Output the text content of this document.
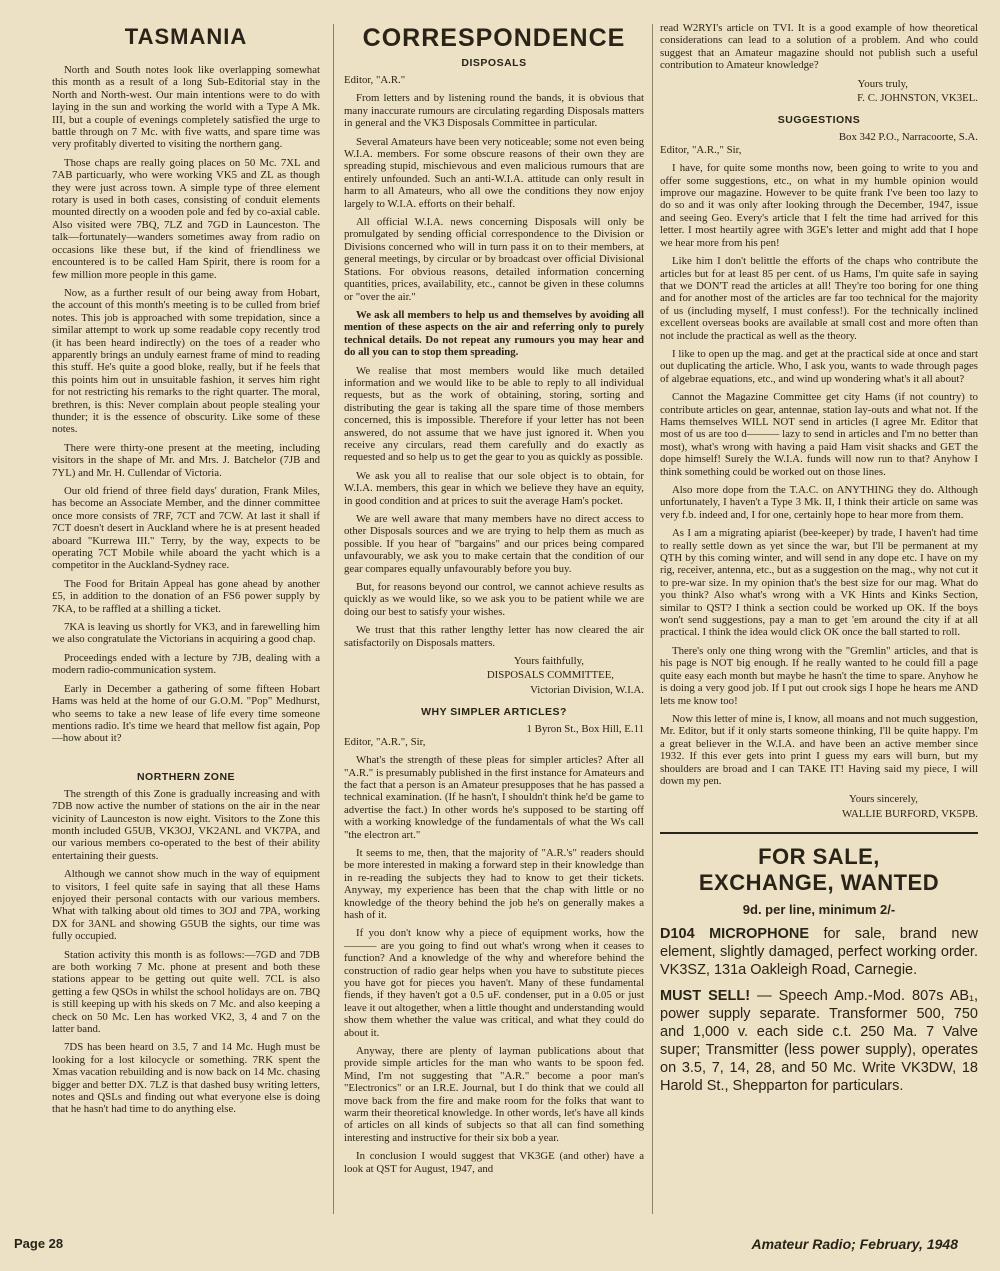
TASMANIA

North and South notes look like overlapping somewhat this month as a result of a long Sub-Editorial stay in the North and North-west. Our main intentions were to do with laying in the sun and working the world with a Type A Mk. III, but a couple of evenings completely satisfied the urge to battle through on 7 Mc. with five watts, and spare time was very profitably diverted to visiting the northern gang.

Those chaps are really going places on 50 Mc. 7XL and 7AB particuarly, who were working VK5 and ZL as though they were just across town. A simple type of three element rotary is used in both cases, consisting of conduit elements mounted directly on a wooden pole and fed by co-axial cable. Also visited were 7BQ, 7LZ and 7GD in Launceston. The talk—fortunately—wanders sometimes away from radio on occasions like these but, if the kind of friendliness we encountered is to be called Ham Spirit, there is room for a few million more people in this game.

Now, as a further result of our being away from Hobart, the account of this month's meeting is to be culled from brief notes. This job is approached with some trepidation, since a similar attempt to work up some readable copy recently trod (it has been heard indirectly) on the toes of a reader who apparently brings an unduly earnest frame of mind to reading this stuff. He's quite a good bloke, really, but if he feels that this points him out in unsuitable fashion, it serves him right for not restricting his remarks to the right quarter. The moral, brethren, is this: Never complain about people stealing your thunder; it is the essence of obscurity. Like some of these notes.

There were thirty-one present at the meeting, including visitors in the shape of Mr. and Mrs. J. Batchelor (7JB and 7YL) and Mr. H. Cullendar of Victoria.

Our old friend of three field days' duration, Frank Miles, has become an Associate Member, and the dinner committee once more consists of 7RF, 7CT and 7CW. At last it shall if 7CT doesn't desert in Auckland where he is at present headed aboard "Kurrewa III." Terry, by the way, expects to be operating 7CT Mobile while aboard the yacht which is a competitor in the Auckland-Sydney race.

The Food for Britain Appeal has gone ahead by another £5, in addition to the donation of an FS6 power supply by 7KA, to be raffled at a shilling a ticket.

7KA is leaving us shortly for VK3, and in farewelling him we also congratulate the Victorians in acquiring a good chap.

Proceedings ended with a lecture by 7JB, dealing with a modern radio-communication system.

Early in December a gathering of some fifteen Hobart Hams was held at the home of our G.O.M. "Pop" Medhurst, who seems to take a new lease of life every time someone mentions radio. It's time we heard that mellow fist again, Pop—how about it?

NORTHERN ZONE

The strength of this Zone is gradually increasing and with 7DB now active the number of stations on the air in the near vicinity of Launceston is now eight. Visitors to the Zone this month included G5UB, VK3OJ, VK2ANL and VK7PA, and our various members co-operated to the best of their ability entertaining their guests.

Although we cannot show much in the way of equipment to visitors, I feel quite safe in saying that all these Hams enjoyed their personal contacts with our various members. What with talking about old times to 3OJ and 7PA, working DX for 3ANL and showing G5UB the sights, our time was fully occupied.

Station activity this month is as follows:—7GD and 7DB are both working 7 Mc. phone at present and both these stations appear to be getting out quite well. 7CL is also getting a few QSOs in whilst the school holidays are on. 7BQ is still keeping up with his skeds on 7 Mc. and also keeping a check on 50 Mc. Len has worked VK2, 3, 4 and 7 on the latter band.

7DS has been heard on 3.5, 7 and 14 Mc. Hugh must be looking for a lost kilocycle or something. 7RK spent the Xmas vacation rebuilding and is now back on 14 Mc. chasing bigger and better DX. 7LZ is that dashed busy writing letters, notes and QSLs and finding out what everyone else is doing that he hasn't had time to do anything else.

CORRESPONDENCE
DISPOSALS

Editor, "A.R."

From letters and by listening round the bands, it is obvious that many inaccurate rumours are circulating regarding Disposals matters in general and the VK3 Disposals Committee in particular.

Several Amateurs have been very noticeable; some not even being W.I.A. members. For some obscure reasons of their own they are spreading stupid, mischievous and even malicious rumours that are entirely unfounded. Such an anti-W.I.A. attitude can only result in harm to all Amateurs, who all owe the conditions they now enjoy largely to W.I.A. efforts on their behalf.

All official W.I.A. news concerning Disposals will only be promulgated by sending official correspondence to the Division or Divisions concerned who will in turn pass it on to their members, at general meetings, by circular or by broadcast over official Divisional Stations. For obvious reasons, detailed information concerning quantities, prices, availability, etc., cannot be given in these columns or "over the air."

We ask all members to help us and themselves by avoiding all mention of these aspects on the air and referring only to purely technical details. Do not repeat any rumours you may hear and do all you can to stop them spreading.

We realise that most members would like much detailed information and we would like to be able to reply to all individual requests, but as the work of obtaining, storing, sorting and distributing the gear is taking all the spare time of those members concerned, this is impossible. Therefore if your letter has not been answered, do not assume that we have just ignored it. When you receive any circulars, read them carefully and do exactly as requested and so help us to get the gear to you as quickly as possible.

We ask you all to realise that our sole object is to obtain, for W.I.A. members, this gear in which we believe they have an equity, in good condition and at prices to suit the average Ham's pocket.

We are well aware that many members have no direct access to other Disposals sources and we are trying to help them as much as possible. If you hear of "bargains" and our prices being compared unfavourably, we ask you to make certain that the condition of our gear compares equally unfavourably before you buy.

But, for reasons beyond our control, we cannot achieve results as quickly as we would like, so we ask you to be patient while we are doing our best to satisfy your wishes.

We trust that this rather lengthy letter has now cleared the air satisfactorily on Disposals matters.

Yours faithfully,
DISPOSALS COMMITTEE,
Victorian Division, W.I.A.
WHY SIMPLER ARTICLES?
1 Byron St., Box Hill, E.11

Editor, "A.R.", Sir,

What's the strength of these pleas for simpler articles? After all "A.R." is presumably published in the first instance for Amateurs and the fact that a person is an Amateur presupposes that he has passed a technical examination. (If he hasn't, I shouldn't think he'd be game to advertise the fact.) In other words he's supposed to be starting off with a working knowledge of the fundamentals of what the Ws call "the electron art."

It seems to me, then, that the majority of "A.R.'s" readers should be more interested in making a forward step in their knowledge than in re-reading the subjects they had to know to get their tickets. Anyway, my experience has been that the chap with little or no knowledge of the theory behind the job he's on generally makes a hash of it.

If you don't know why a piece of equipment works, how the ——— are you going to find out what's wrong when it ceases to function? And a knowledge of the why and wherefore behind the construction of radio gear helps when you have to substitute pieces you have got for pieces you haven't. Many of these fundamental fiends, if they haven't got a 0.5 uF. condenser, put in a 0.05 or just leave it out altogether, when a little thought and understanding would show them whether the value was critical, and what they could do about it.

Anyway, there are plenty of layman publications about that provide simple articles for the man who wants to be spoon fed. Mind, I'm not suggesting that "A.R." become a poor man's "Electronics" or an I.R.E. Journal, but I do think that we could all move back from the fire and make room for the folks that want to warm their theoretical knowledge. In other words, let's have all kinds of articles on all kinds of subjects so that all can find something interesting and instructive for their six bob a year.

In conclusion I would suggest that VK3GE (and other) have a look at QST for August, 1947, and

read W2RYI's article on TVI. It is a good example of how theoretical considerations can lead to a solution of a problem. And who could suggest that an Amateur magazine should not publish such a useful contribution to Amateur knowledge?

Yours truly,
F. C. JOHNSTON, VK3EL.
SUGGESTIONS
Box 342 P.O., Narracoorte, S.A.

Editor, "A.R.," Sir,

I have, for quite some months now, been going to write to you and offer some suggestions, etc., on what in my humble opinion would improve our magazine. However to be quite frank I've been too lazy to do so and it was only after looking through the December, 1947, issue and seeing Geo. Every's article that I felt the time had arrived for this letter. I most heartily agree with 3GE's letter and might add that I hope we hear more from his pen!

Like him I don't belittle the efforts of the chaps who contribute the articles but for at least 85 per cent. of us Hams, I'm quite safe in saying that we DON'T read the articles at all! They're too boring for one thing and for another most of the articles are far too technical for the majority of us (including myself, I must confess!). For the technically inclined excellent overseas books are available at small cost and more often than not include the practical as well as the theory.

I like to open up the mag. and get at the practical side at once and start out duplicating the article. Who, I ask you, wants to wade through pages of algebrae equations, etc., and wind up wondering what's it all about?

Cannot the Magazine Committee get city Hams (if not country) to contribute articles on gear, antennae, station lay-outs and what not. If the Hams themselves WILL NOT send in articles (I agree Mr. Editor that most of us are too d——— lazy to send in articles and I'm no better than most), what's wrong with having a paid Ham visit shacks and GET the dope himself! Surely the W.I.A. funds will now run to that? Anyhow I think something could be worked out on those lines.

Also more dope from the T.A.C. on ANYTHING they do. Although unfortunately, I haven't a Type 3 Mk. II, I think their article on same was very f.b. indeed and, I for one, certainly hope to hear more from them.

As I am a migrating apiarist (bee-keeper) by trade, I haven't had time to really settle down as yet since the war, but I'll be permanent at my QTH by this coming winter, and will send in any dope etc. I have on my rig, receiver, antenna, etc., but as a suggestion on the mag., why not cut it to pre-war size. In my opinion that's the best size for our mag. What do you think? Also what's wrong with a VK Hints and Kinks Section, similar to QST? I think a section could be worked up OK. If the boys won't send suggestions, pay a man to get 'em around the city if at all practical. I think the idea would click OK once the ball started to roll.

There's only one thing wrong with the "Gremlin" articles, and that is his page is NOT big enough. If he really wanted to he could fill a page quite easy each month but maybe he hasn't the time to spare. Anyhow he is doing a very good job. If I put out crook sigs I hope he hears me AND lets me know too!

Now this letter of mine is, I know, all moans and not much suggestion, Mr. Editor, but if it only starts someone thinking, I'll be quite happy. I'm a great believer in the W.I.A. and have been an active member since 1932. If this ever gets into print I guess my ears will burn, but my shoulders are broad and I can TAKE IT! Having said my piece, I will down my pen.

Yours sincerely,
WALLIE BURFORD, VK5PB.
FOR SALE,
EXCHANGE, WANTED
9d. per line, minimum 2/-
D104 MICROPHONE for sale, brand new element, slightly damaged, perfect working order. VK3SZ, 131a Oakleigh Road, Carnegie.
MUST SELL! — Speech Amp.-Mod. 807s AB₁, power supply separate. Transformer 500, 750 and 1,000 v. each side c.t. 250 Ma. 7 Valve super; Transmitter (less power supply), operates on 3.5, 7, 14, 28, and 50 Mc. Write VK3DW, 18 Harold St., Shepparton for particulars.
Page 28	Amateur Radio; February, 1948
